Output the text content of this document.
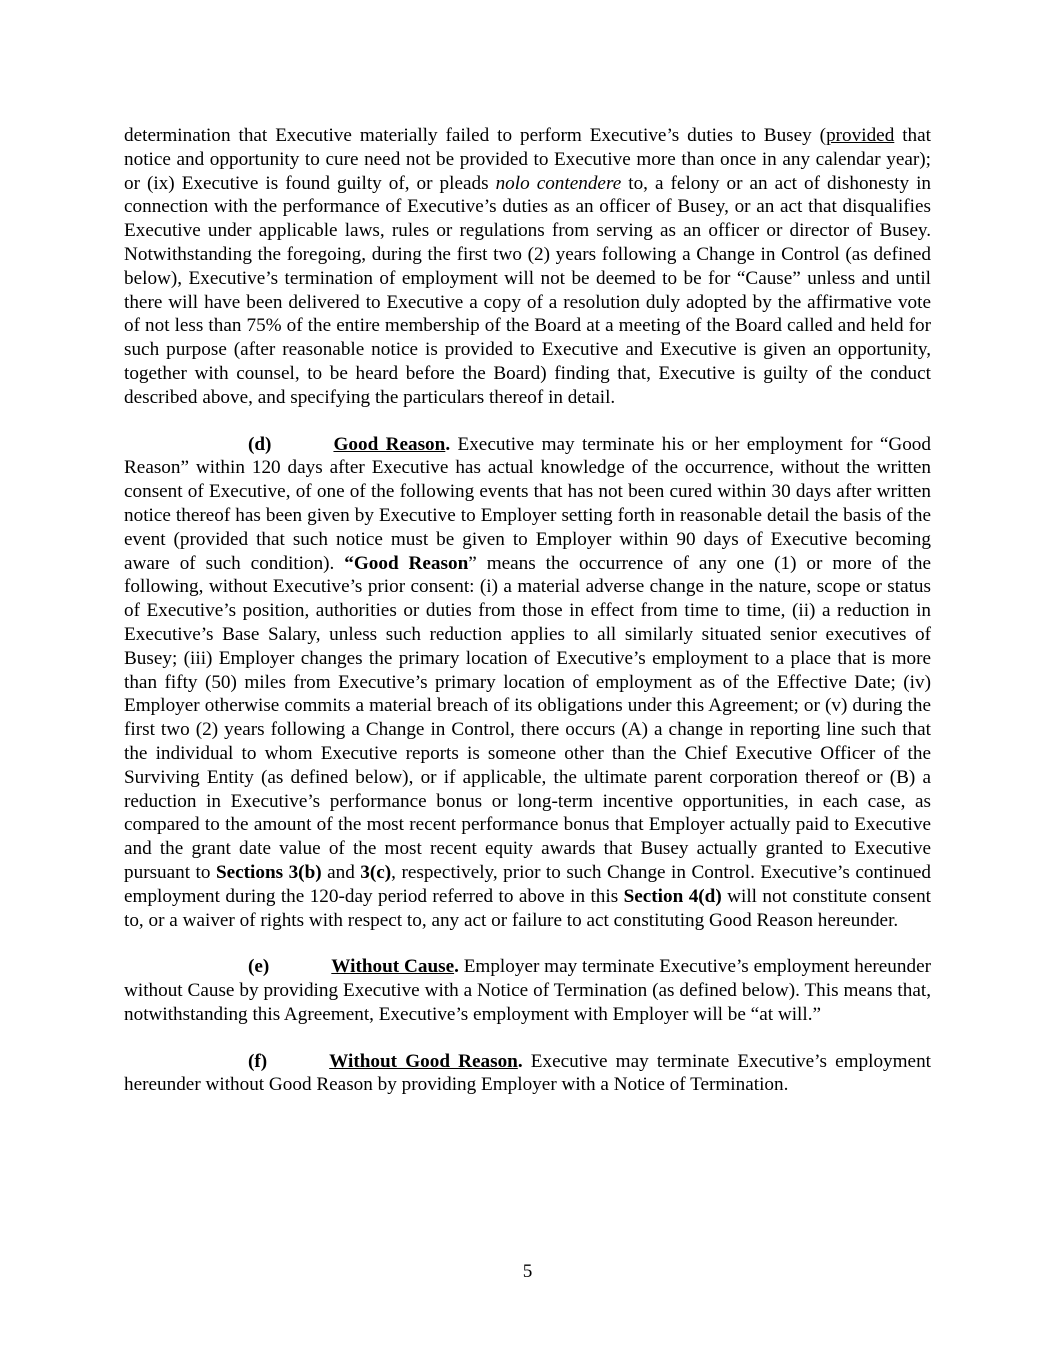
determination that Executive materially failed to perform Executive’s duties to Busey (provided that notice and opportunity to cure need not be provided to Executive more than once in any calendar year); or (ix) Executive is found guilty of, or pleads nolo contendere to, a felony or an act of dishonesty in connection with the performance of Executive’s duties as an officer of Busey, or an act that disqualifies Executive under applicable laws, rules or regulations from serving as an officer or director of Busey. Notwithstanding the foregoing, during the first two (2) years following a Change in Control (as defined below), Executive’s termination of employment will not be deemed to be for “Cause” unless and until there will have been delivered to Executive a copy of a resolution duly adopted by the affirmative vote of not less than 75% of the entire membership of the Board at a meeting of the Board called and held for such purpose (after reasonable notice is provided to Executive and Executive is given an opportunity, together with counsel, to be heard before the Board) finding that, Executive is guilty of the conduct described above, and specifying the particulars thereof in detail.

(d)	Good Reason. Executive may terminate his or her employment for “Good Reason” within 120 days after Executive has actual knowledge of the occurrence, without the written consent of Executive, of one of the following events that has not been cured within 30 days after written notice thereof has been given by Executive to Employer setting forth in reasonable detail the basis of the event (provided that such notice must be given to Employer within 90 days of Executive becoming aware of such condition). “Good Reason” means the occurrence of any one (1) or more of the following, without Executive’s prior consent: (i) a material adverse change in the nature, scope or status of Executive’s position, authorities or duties from those in effect from time to time, (ii) a reduction in Executive’s Base Salary, unless such reduction applies to all similarly situated senior executives of Busey; (iii) Employer changes the primary location of Executive’s employment to a place that is more than fifty (50) miles from Executive’s primary location of employment as of the Effective Date; (iv) Employer otherwise commits a material breach of its obligations under this Agreement; or (v) during the first two (2) years following a Change in Control, there occurs (A) a change in reporting line such that the individual to whom Executive reports is someone other than the Chief Executive Officer of the Surviving Entity (as defined below), or if applicable, the ultimate parent corporation thereof or (B) a reduction in Executive’s performance bonus or long-term incentive opportunities, in each case, as compared to the amount of the most recent performance bonus that Employer actually paid to Executive and the grant date value of the most recent equity awards that Busey actually granted to Executive pursuant to Sections 3(b) and 3(c), respectively, prior to such Change in Control. Executive’s continued employment during the 120-day period referred to above in this Section 4(d) will not constitute consent to, or a waiver of rights with respect to, any act or failure to act constituting Good Reason hereunder.

(e)	Without Cause. Employer may terminate Executive’s employment hereunder without Cause by providing Executive with a Notice of Termination (as defined below). This means that, notwithstanding this Agreement, Executive’s employment with Employer will be “at will.”

(f)	Without Good Reason. Executive may terminate Executive’s employment hereunder without Good Reason by providing Employer with a Notice of Termination.

5
